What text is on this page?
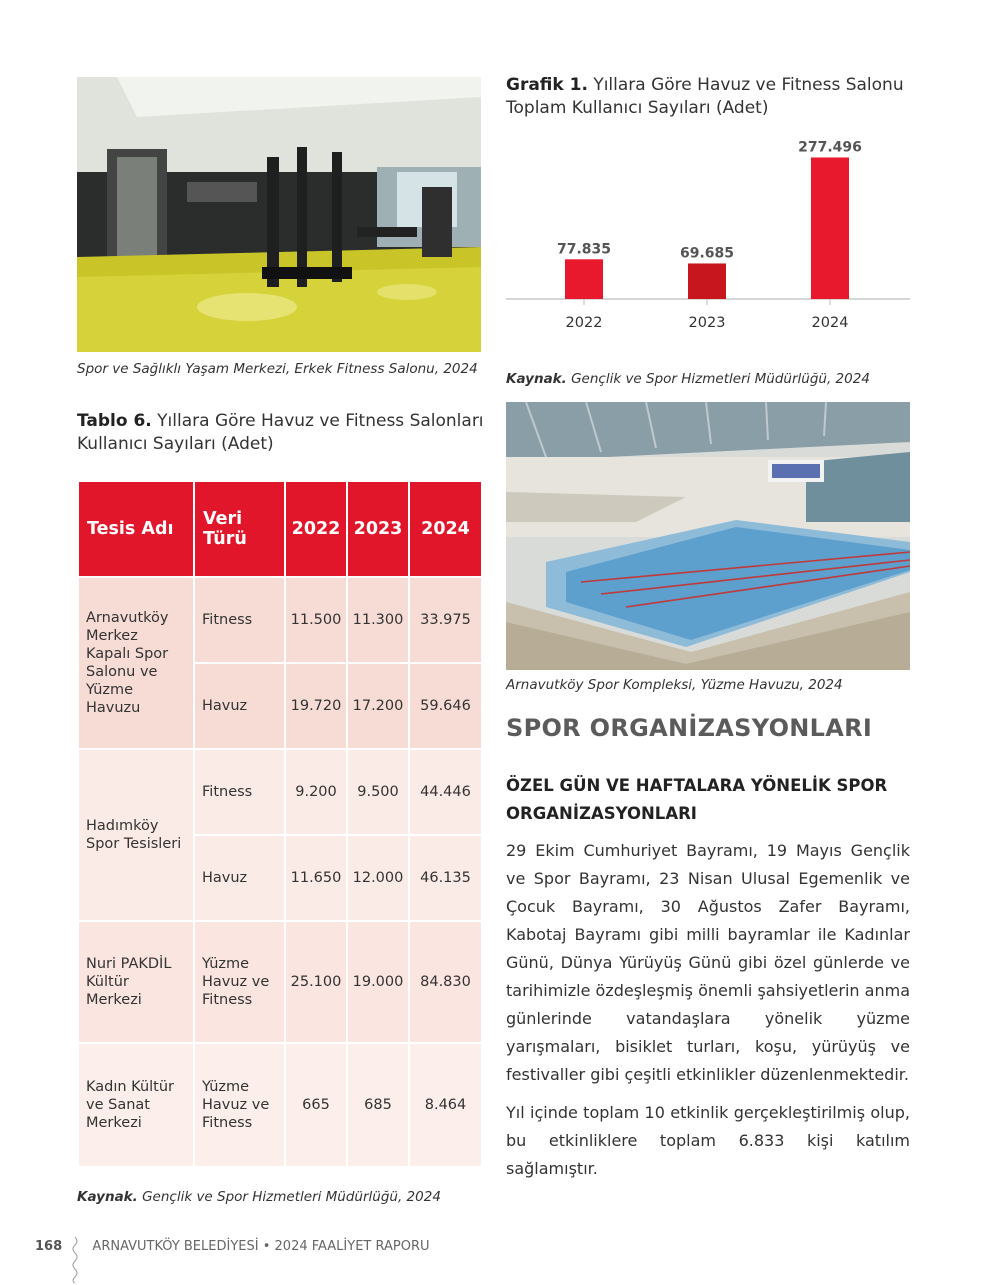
Spor ve Sağlıklı Yaşam Merkezi, Erkek Fitness Salonu, 2024
Tablo 6. Yıllara Göre Havuz ve Fitness Salonları Kullanıcı Sayıları (Adet)
Tesis Adı	Veri Türü	2022	2023	2024
Arnavutköy Merkez Kapalı Spor Salonu ve Yüzme Havuzu	Fitness	11.500	11.300	33.975
	Havuz	19.720	17.200	59.646
Hadımköy Spor Tesisleri	Fitness	9.200	9.500	44.446
	Havuz	11.650	12.000	46.135
Nuri PAKDİL Kültür Merkezi	Yüzme Havuz ve Fitness	25.100	19.000	84.830
Kadın Kültür ve Sanat Merkezi	Yüzme Havuz ve Fitness	665	685	8.464
Kaynak. Gençlik ve Spor Hizmetleri Müdürlüğü, 2024
Grafik 1. Yıllara Göre Havuz ve Fitness Salonu Toplam Kullanıcı Sayıları (Adet)
77.835
2022
69.685
2023
277.496
2024
Kaynak. Gençlik ve Spor Hizmetleri Müdürlüğü, 2024
Arnavutköy Spor Kompleksi, Yüzme Havuzu, 2024
SPOR ORGANİZASYONLARI
ÖZEL GÜN VE HAFTALARA YÖNELİK SPOR ORGANİZASYONLARI
29 Ekim Cumhuriyet Bayramı, 19 Mayıs Gençlik ve Spor Bayramı, 23 Nisan Ulusal Egemenlik ve Çocuk Bayramı, 30 Ağustos Zafer Bayramı, Kabotaj Bayramı gibi milli bayramlar ile Kadınlar Günü, Dünya Yürüyüş Günü gibi özel günlerde ve tarihimizle özdeşleşmiş önemli şahsiyetlerin anma günlerinde vatandaşlara yönelik yüzme yarışmaları, bisiklet turları, koşu, yürüyüş ve festivaller gibi çeşitli etkinlikler düzenlenmektedir.
Yıl içinde toplam 10 etkinlik gerçekleştirilmiş olup, bu etkinliklere toplam 6.833 kişi katılım sağlamıştır.
168 ARNAVUTKÖY BELEDİYESİ • 2024 FAALİYET RAPORU
